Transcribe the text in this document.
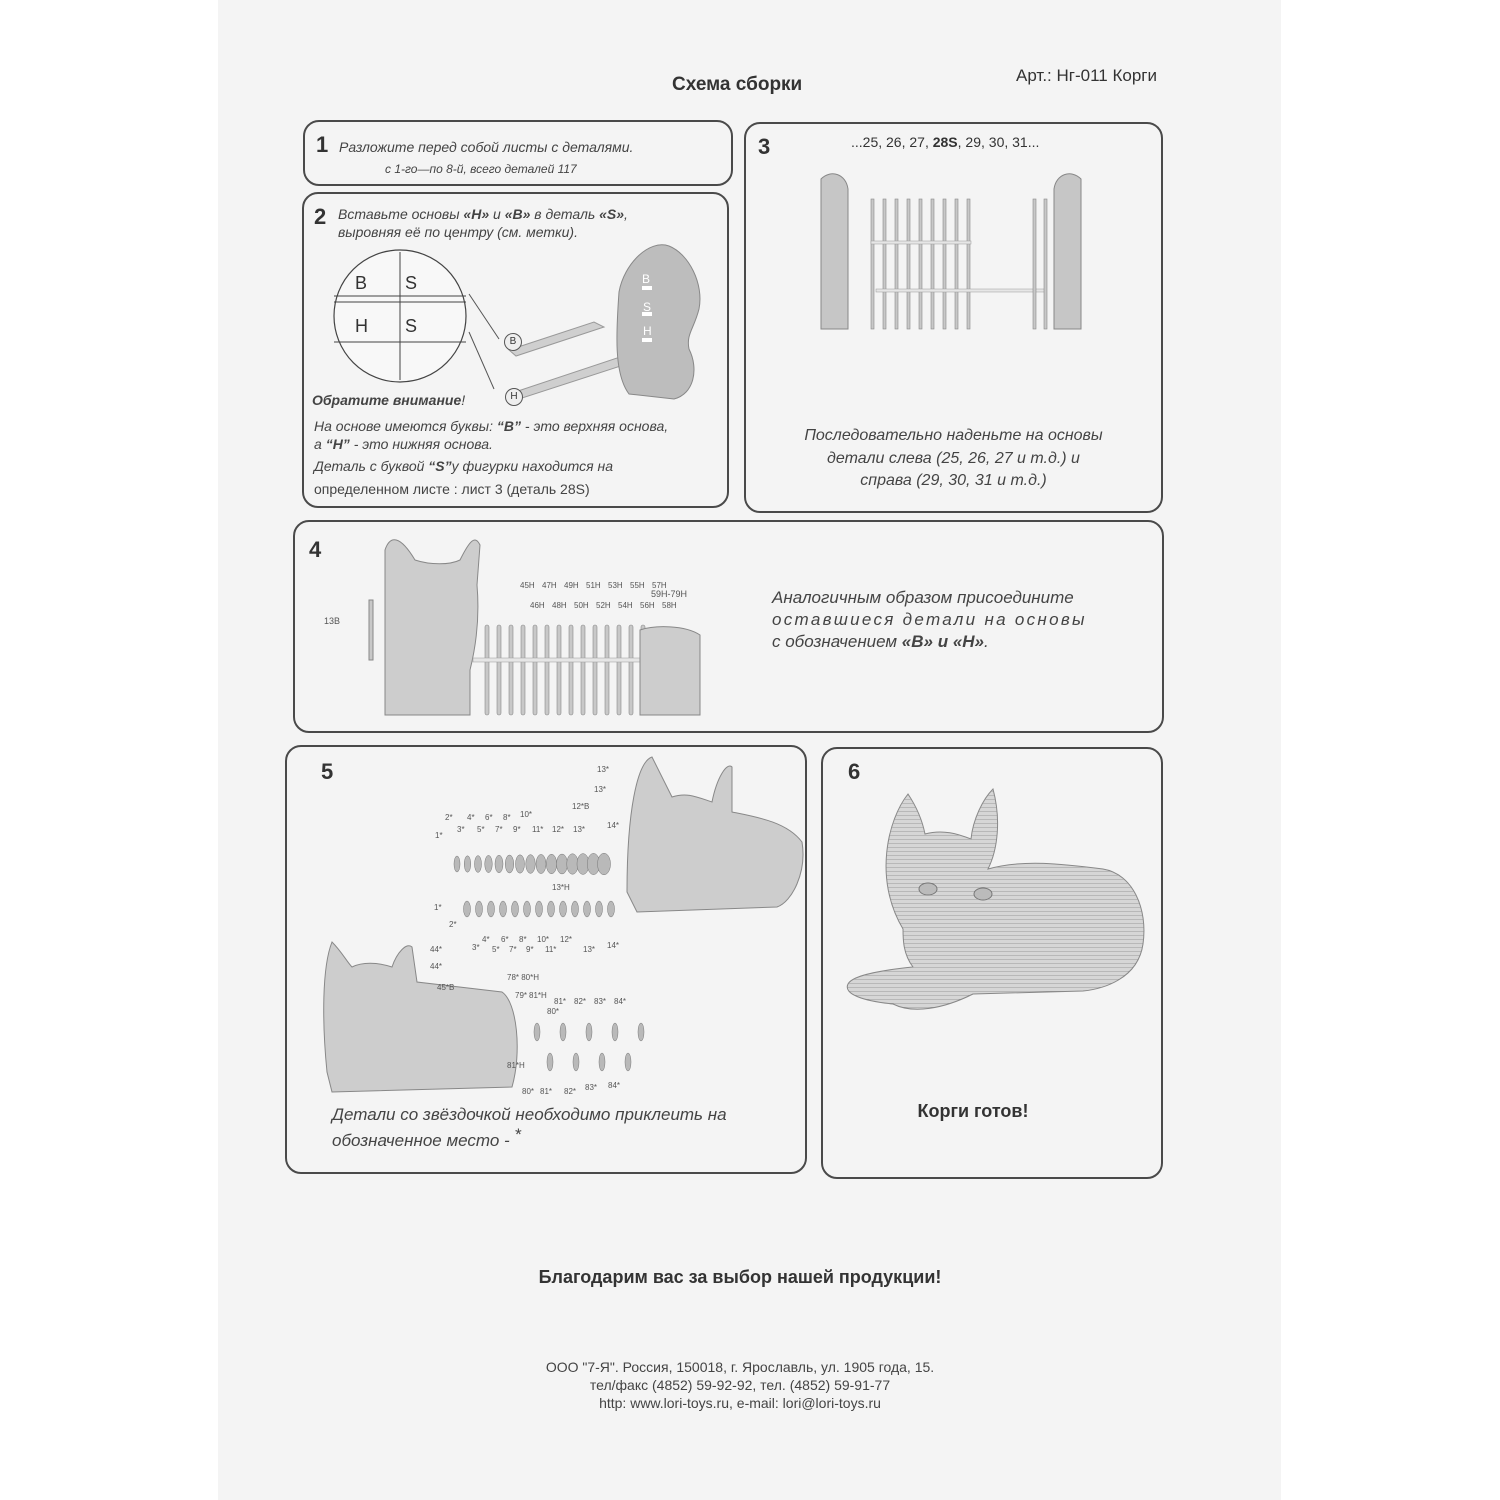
Схема сборки	Арт.: Нг-011 Корги
1 Разложите перед собой листы с деталями.
с 1-го—по 8-й, всего деталей 117
2 Вставьте основы «Н» и «В» в деталь «S»,
выровняя её по центру (см. метки).
B S
H S
B
H
B
S
H
Обратите внимание!
На основе имеются буквы: “В” - это верхняя основа,
а “Н” - это нижняя основа.
Деталь с буквой “S”у фигурки находится на
определенном листе : лист 3 (деталь 28S)
3	...25, 26, 27, 28S, 29, 30, 31...
Последовательно наденьте на основы
детали слева (25, 26, 27 и т.д.) и
справа (29, 30, 31 и т.д.)
4
45H 47H 49H 51H 53H 55H 57H
46H 48H 50H 52H 54H 56H 58H
13B
59H-79H	Аналогичным образом присоедините
оставшиеся детали на основы
с обозначением «В» и «Н».
5	13*
13*
12*B
2* 4* 6* 8* 10*
1*
3* 5* 7* 9* 11* 12* 13*	14*
13*H
1*
2*
4* 6* 8* 10* 12*
3* 5* 7* 9* 11*	13* 14*
44*
44*
45*B
78* 80*H
79* 81*H
81* 82* 83* 84*
80*
81*H
80* 81* 82* 83* 84*
Детали со звёздочкой необходимо приклеить на
обозначенное место - *
6
Корги готов!
Благодарим вас за выбор нашей продукции!
ООО "7-Я". Россия, 150018, г. Ярославль, ул. 1905 года, 15.
тел/факс (4852) 59-92-92, тел. (4852) 59-91-77
http: www.lori-toys.ru, e-mail: lori@lori-toys.ru
